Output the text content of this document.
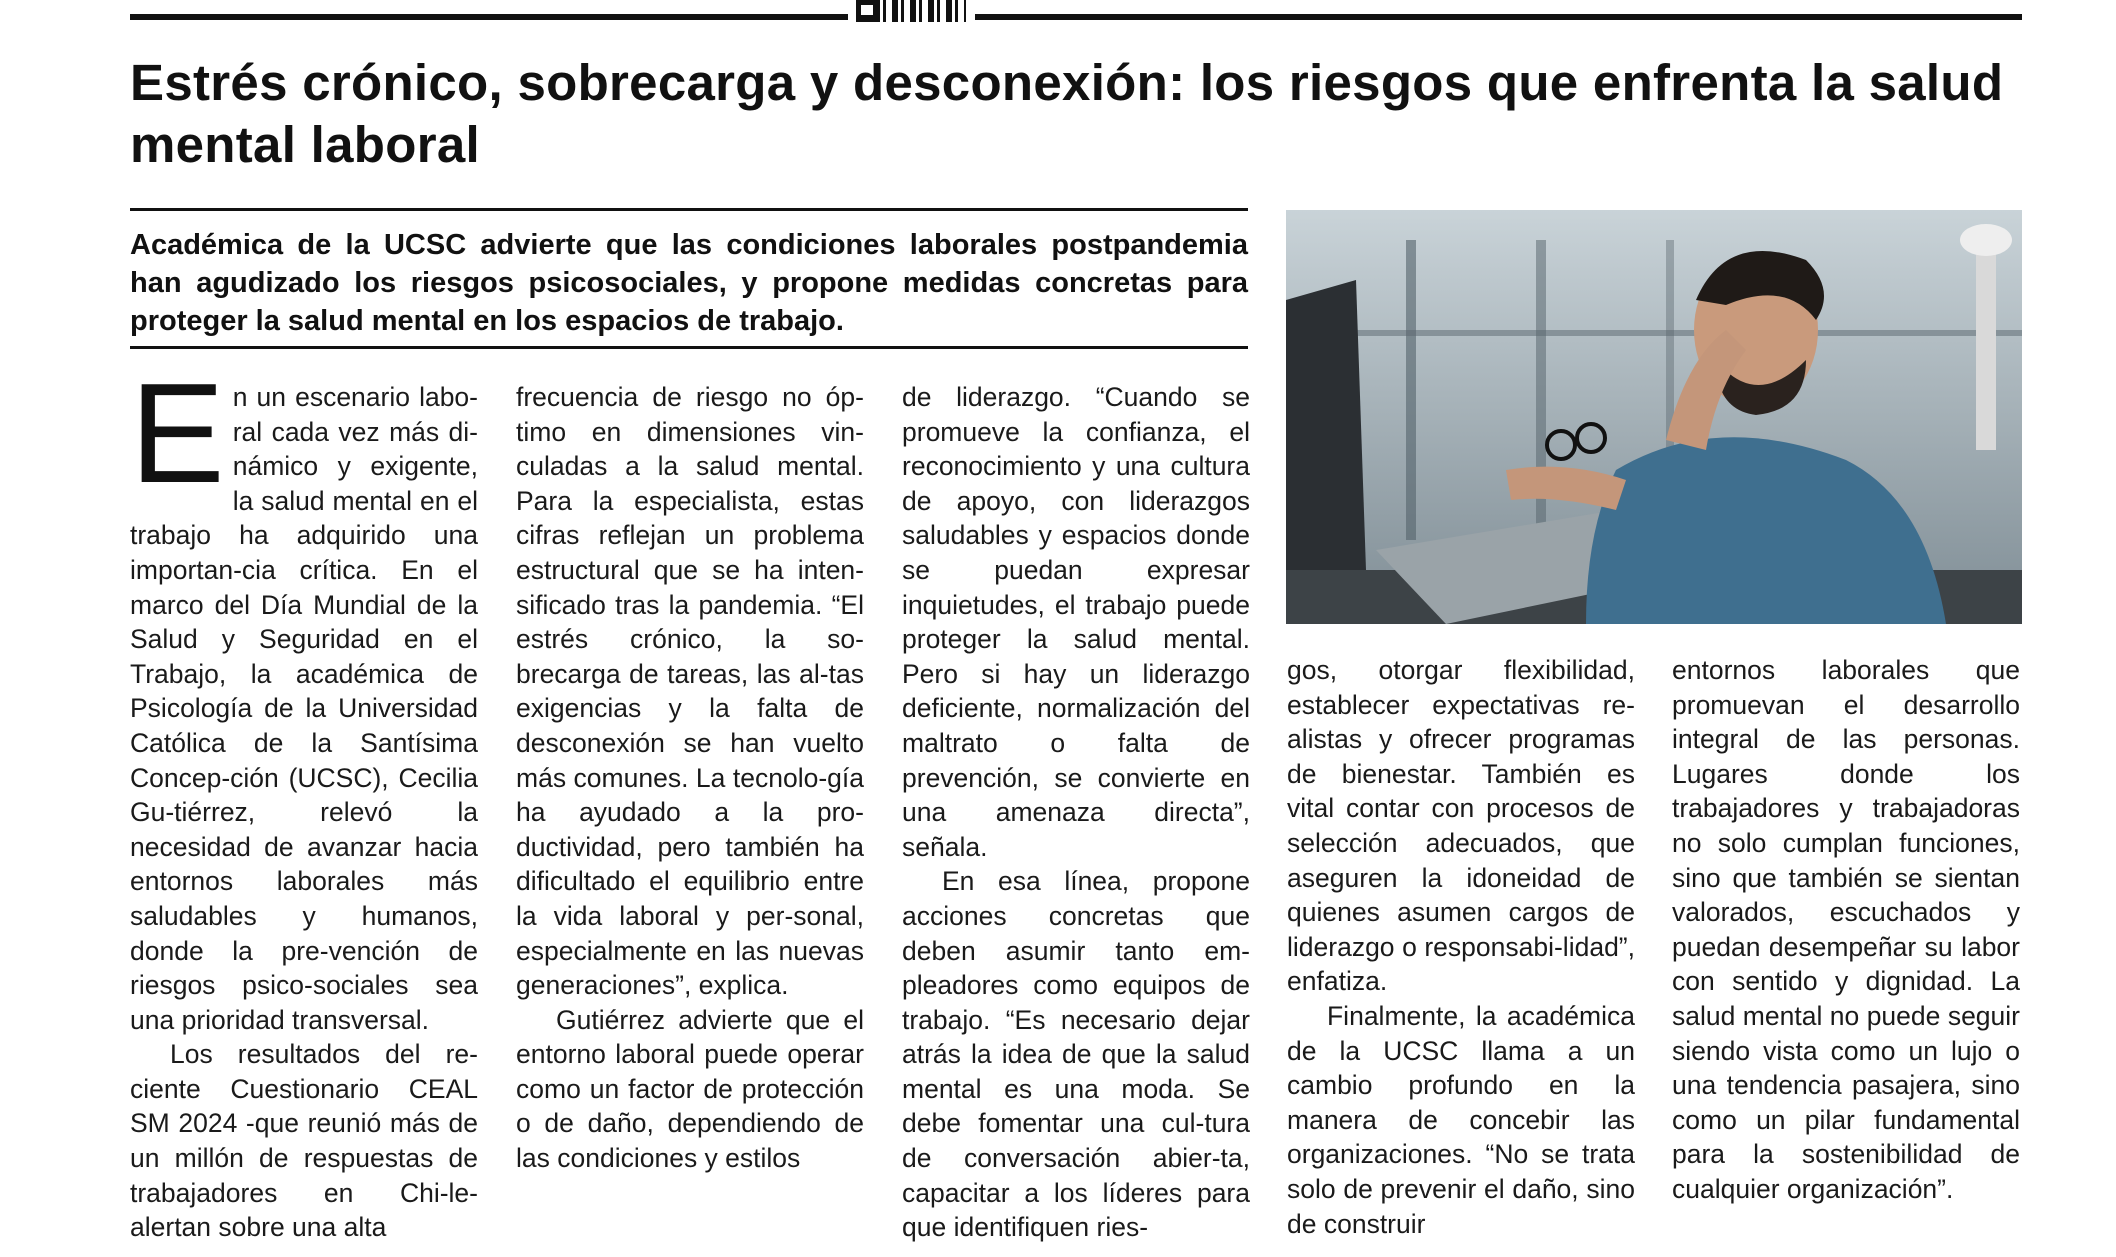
Estrés crónico, sobrecarga y desconexión: los riesgos que enfrenta la salud mental laboral

Académica de la UCSC advierte que las condiciones laborales postpandemia han agudizado los riesgos psicosociales, y propone medidas concretas para proteger la salud mental en los espacios de trabajo.

E n un escenario labo-ral cada vez más di-námico y exigente, la salud mental en el trabajo ha adquirido una importan-cia crítica. En el marco del Día Mundial de la Salud y Seguridad en el Trabajo, la académica de Psicología de la Universidad Católica de la Santísima Concep-ción (UCSC), Cecilia Gu-tiérrez, relevó la necesidad de avanzar hacia entornos laborales más saludables y humanos, donde la pre-vención de riesgos psico-sociales sea una prioridad transversal.

Los resultados del re-ciente Cuestionario CEAL SM 2024 -que reunió más de un millón de respuestas de trabajadores en Chi-le- alertan sobre una alta

frecuencia de riesgo no óp-timo en dimensiones vin-culadas a la salud mental. Para la especialista, estas cifras reflejan un problema estructural que se ha inten-sificado tras la pandemia. “El estrés crónico, la so-brecarga de tareas, las al-tas exigencias y la falta de desconexión se han vuelto más comunes. La tecnolo-gía ha ayudado a la pro-ductividad, pero también ha dificultado el equilibrio entre la vida laboral y per-sonal, especialmente en las nuevas generaciones”, explica.

Gutiérrez advierte que el entorno laboral puede operar como un factor de protección o de daño, dependiendo de las condiciones y estilos

de liderazgo. “Cuando se promueve la confianza, el reconocimiento y una cultura de apoyo, con liderazgos saludables y espacios donde se puedan expresar inquietudes, el trabajo puede proteger la salud mental. Pero si hay un liderazgo deficiente, normalización del maltrato o falta de prevención, se convierte en una amenaza directa”, señala.

En esa línea, propone acciones concretas que deben asumir tanto em-pleadores como equipos de trabajo. “Es necesario dejar atrás la idea de que la salud mental es una moda. Se debe fomentar una cul-tura de conversación abier-ta, capacitar a los líderes para que identifiquen ries-

gos, otorgar flexibilidad, establecer expectativas re-alistas y ofrecer programas de bienestar. También es vital contar con procesos de selección adecuados, que aseguren la idoneidad de quienes asumen cargos de liderazgo o responsabi-lidad”, enfatiza.

Finalmente, la académica de la UCSC llama a un cambio profundo en la manera de concebir las organizaciones. “No se trata solo de prevenir el daño, sino de construir

entornos laborales que promuevan el desarrollo integral de las personas. Lugares donde los trabajadores y trabajadoras no solo cumplan funciones, sino que también se sientan valorados, escuchados y puedan desempeñar su labor con sentido y dignidad. La salud mental no puede seguir siendo vista como un lujo o una tendencia pasajera, sino como un pilar fundamental para la sostenibilidad de cualquier organización”.
